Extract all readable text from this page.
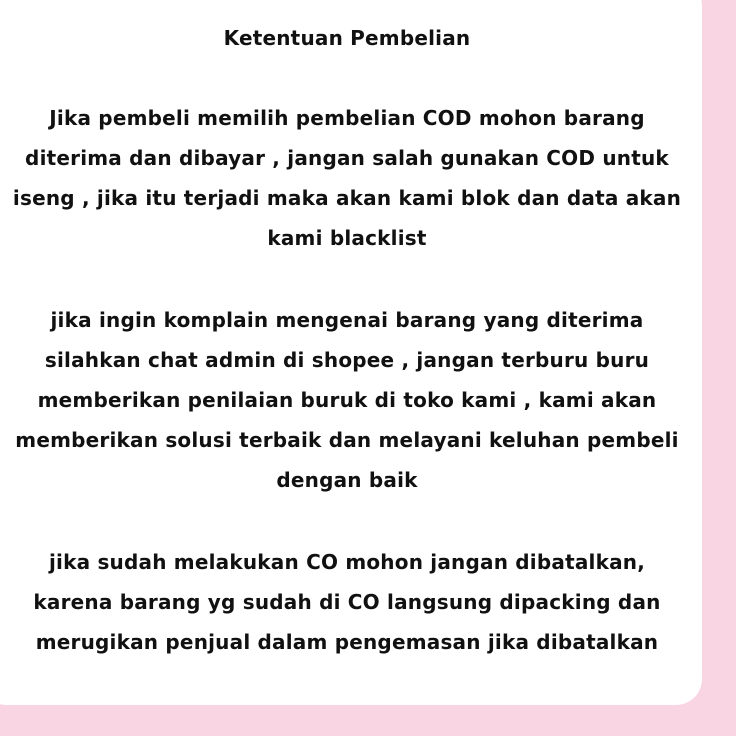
Ketentuan Pembelian

Jika pembeli memilih pembelian COD mohon barang
diterima dan dibayar , jangan salah gunakan COD untuk
iseng , jika itu terjadi maka akan kami blok dan data akan
kami blacklist

jika ingin komplain mengenai barang yang diterima
silahkan chat admin di shopee , jangan terburu buru
memberikan penilaian buruk di toko kami , kami akan
memberikan solusi terbaik dan melayani keluhan pembeli
dengan baik

jika sudah melakukan CO mohon jangan dibatalkan,
karena barang yg sudah di CO langsung dipacking dan
merugikan penjual dalam pengemasan jika dibatalkan
